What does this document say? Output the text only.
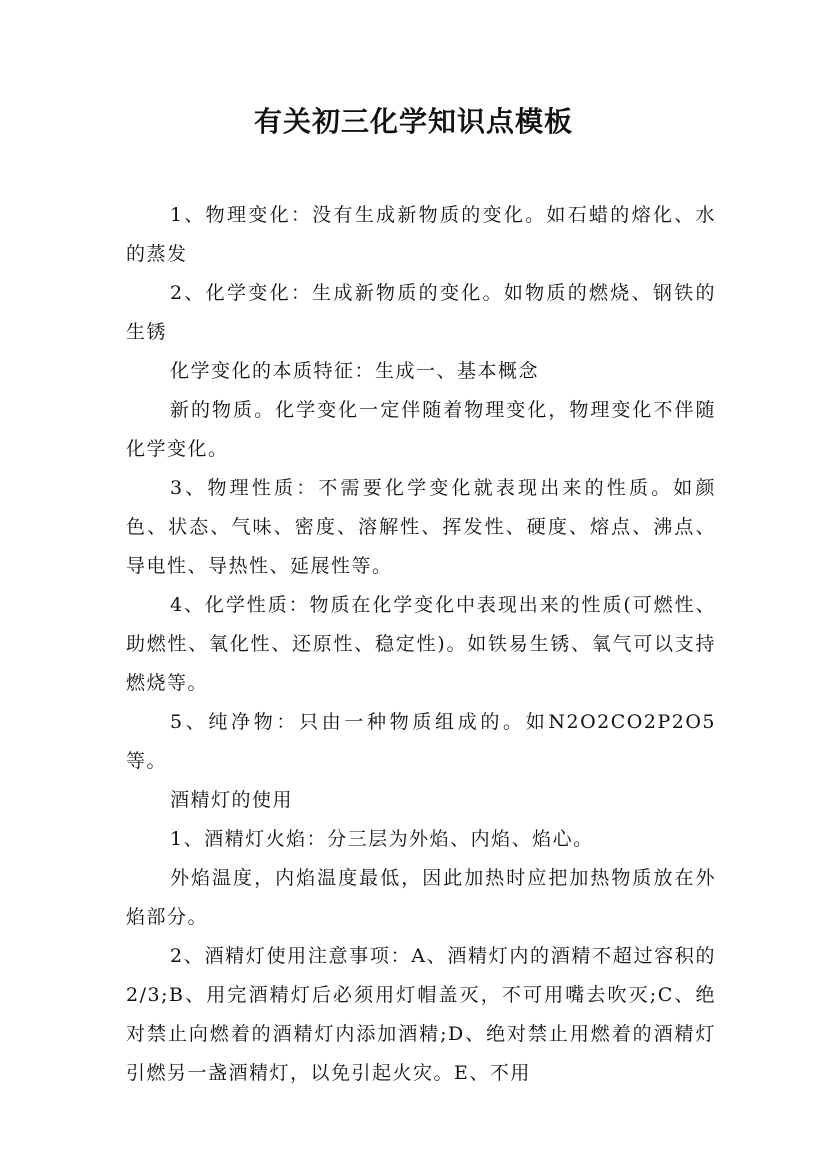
有关初三化学知识点模板

1、物理变化：没有生成新物质的变化。如石蜡的熔化、水的蒸发

2、化学变化：生成新物质的变化。如物质的燃烧、钢铁的生锈

化学变化的本质特征：生成一、基本概念

新的物质。化学变化一定伴随着物理变化，物理变化不伴随化学变化。

3、物理性质：不需要化学变化就表现出来的性质。如颜色、状态、气味、密度、溶解性、挥发性、硬度、熔点、沸点、导电性、导热性、延展性等。

4、化学性质：物质在化学变化中表现出来的性质(可燃性、助燃性、氧化性、还原性、稳定性)。如铁易生锈、氧气可以支持燃烧等。

5、纯净物：只由一种物质组成的。如N2O2CO2P2O5等。

酒精灯的使用

1、酒精灯火焰：分三层为外焰、内焰、焰心。

外焰温度，内焰温度最低，因此加热时应把加热物质放在外焰部分。

2、酒精灯使用注意事项：A、酒精灯内的酒精不超过容积的2/3;B、用完酒精灯后必须用灯帽盖灭，不可用嘴去吹灭;C、绝对禁止向燃着的酒精灯内添加酒精;D、绝对禁止用燃着的酒精灯引燃另一盏酒精灯，以免引起火灾。E、不用
